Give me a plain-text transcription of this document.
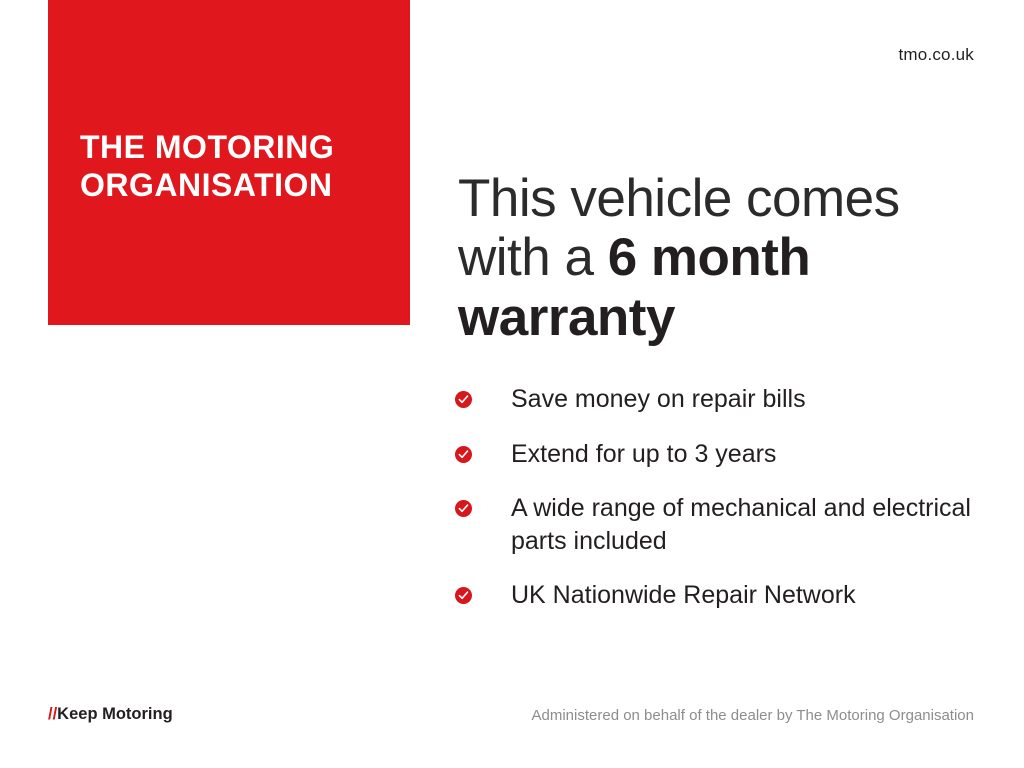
THE MOTORING
ORGANISATION
tmo.co.uk
This vehicle comes with a 6 month warranty
Save money on repair bills
Extend for up to 3 years
A wide range of mechanical and electrical parts included
UK Nationwide Repair Network
//Keep Motoring	Administered on behalf of the dealer by The Motoring Organisation
